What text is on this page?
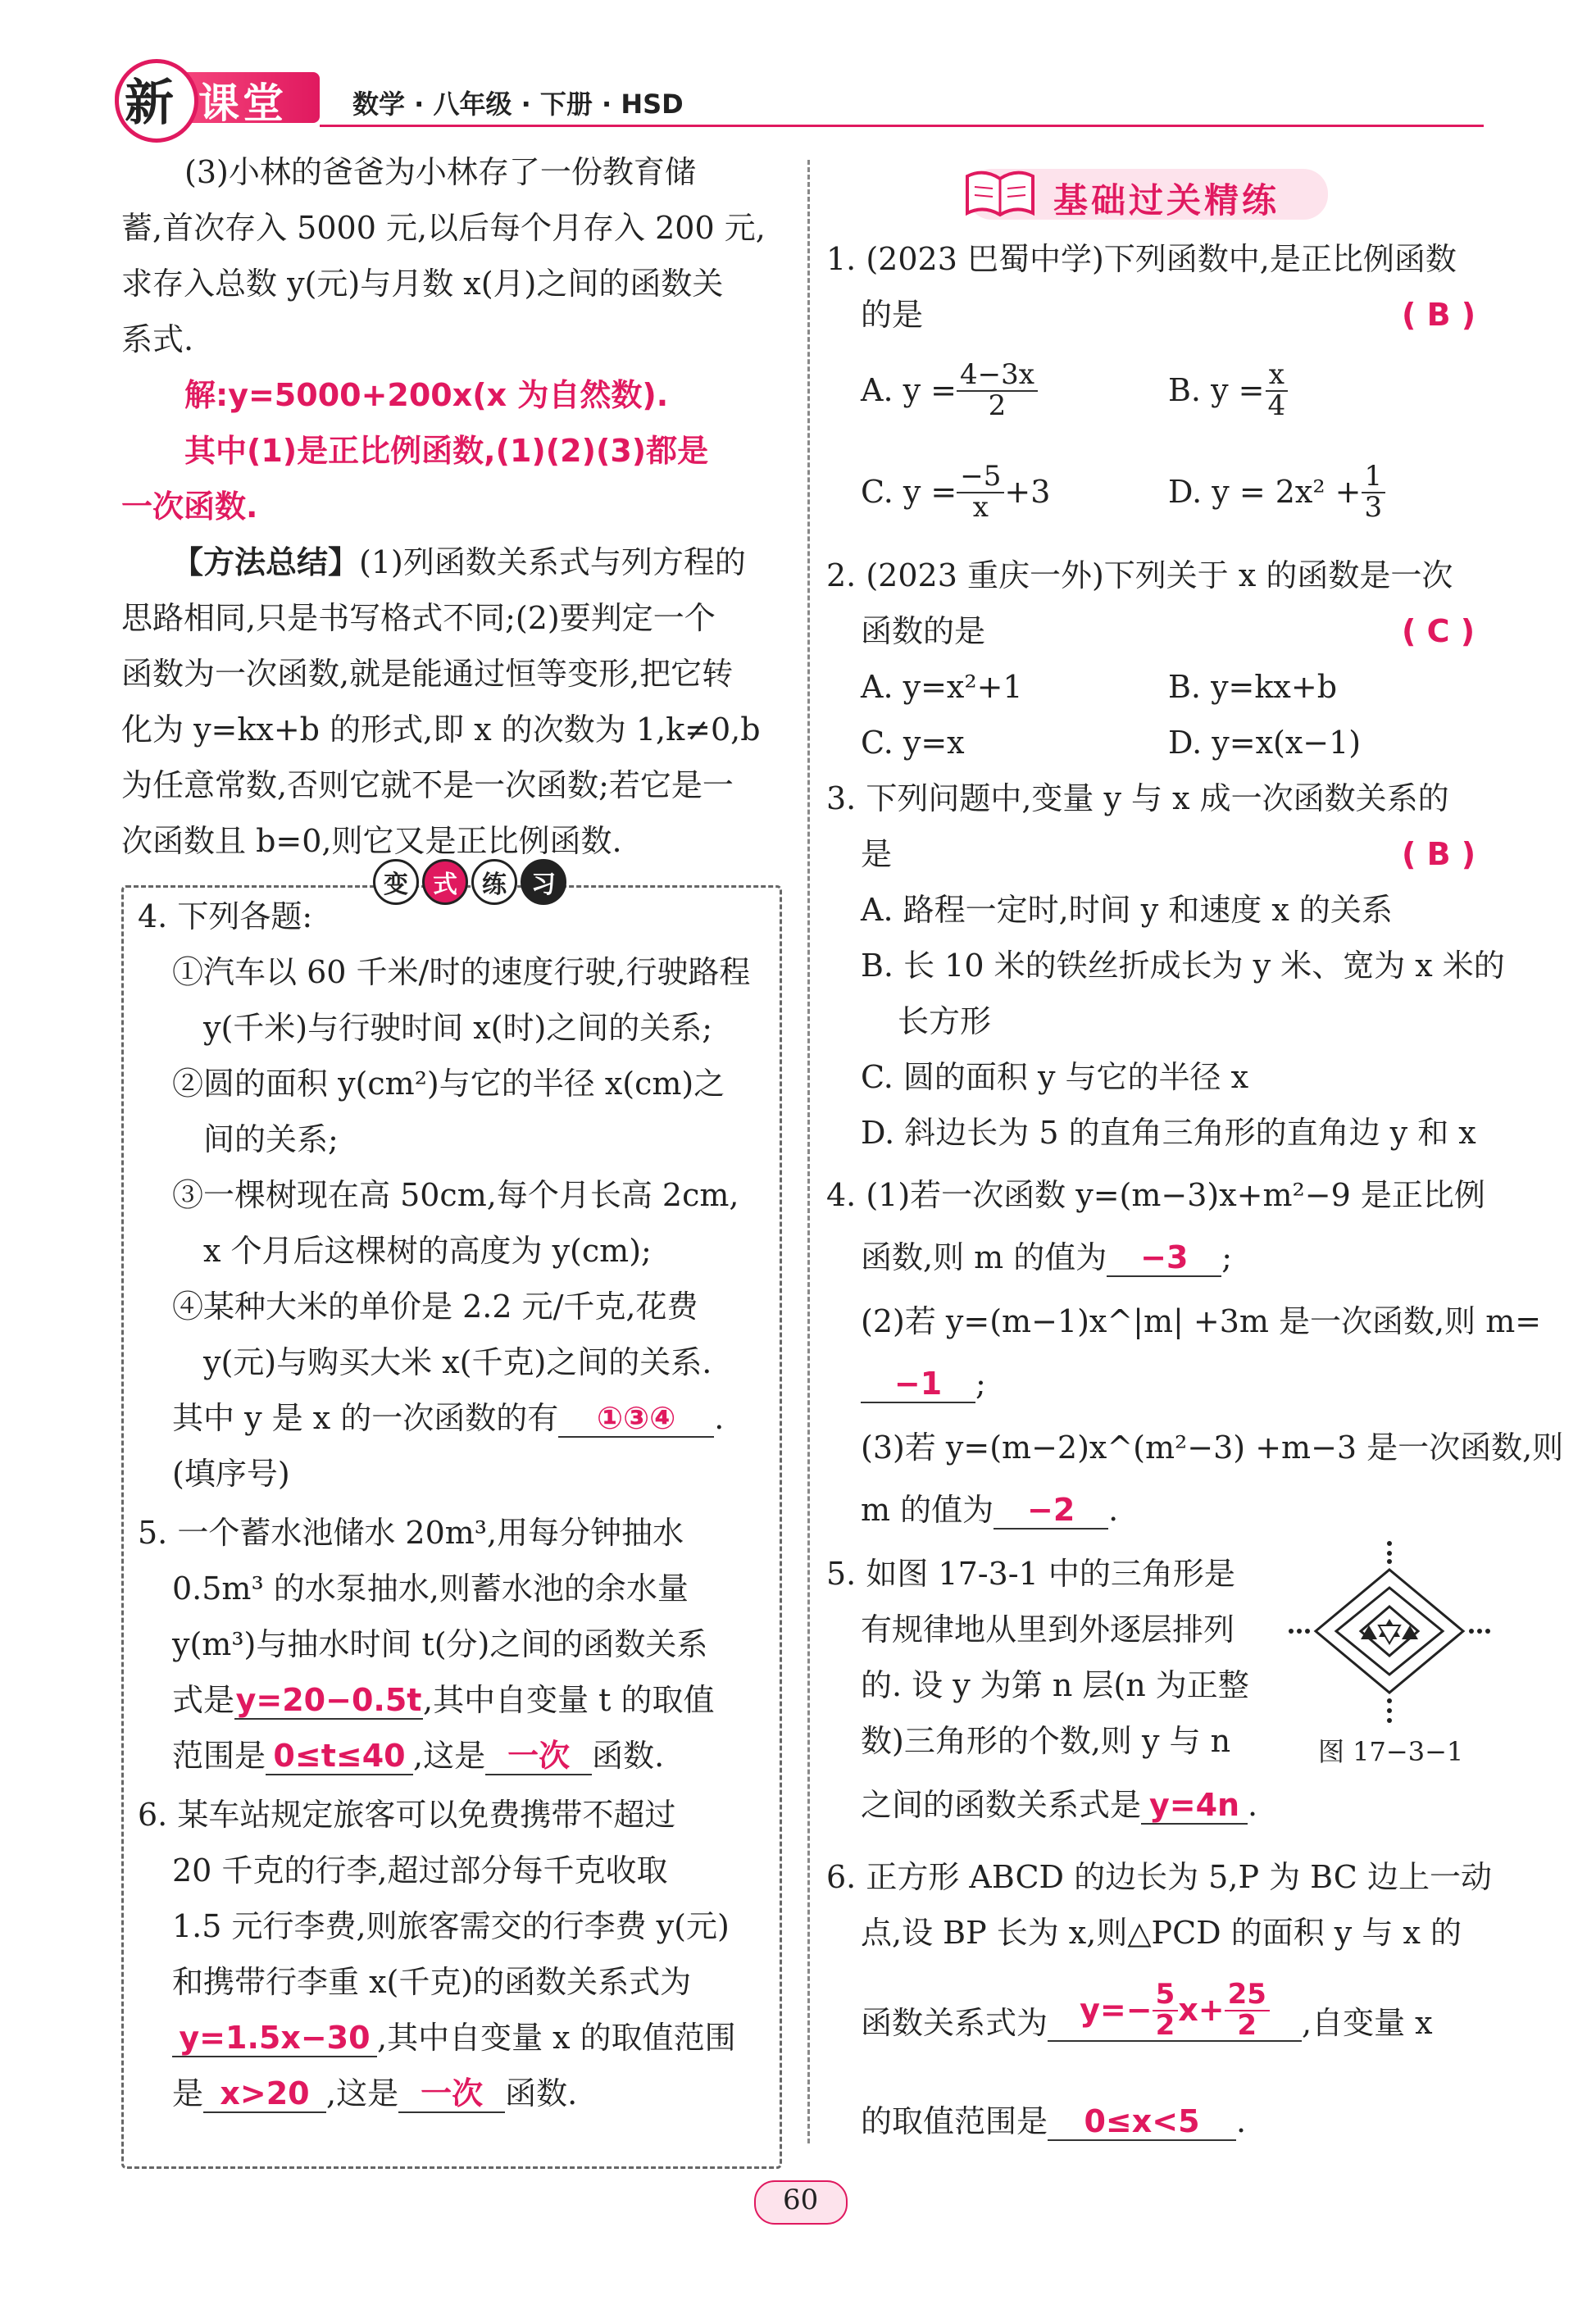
新 课堂	数学 · 八年级 · 下册 · HSD
(3)小林的爸爸为小林存了一份教育储
蓄,首次存入 5000 元,以后每个月存入 200 元,
求存入总数 y(元)与月数 x(月)之间的函数关
系式.
解:y=5000+200x(x 为自然数).
其中(1)是正比例函数,(1)(2)(3)都是
一次函数.
【方法总结】(1)列函数关系式与列方程的
思路相同,只是书写格式不同;(2)要判定一个
函数为一次函数,就是能通过恒等变形,把它转
化为 y=kx+b 的形式,即 x 的次数为 1,k≠0,b
为任意常数,否则它就不是一次函数;若它是一
次函数且 b=0,则它又是正比例函数.
变	式	练	习
4. 下列各题:
①汽车以 60 千米/时的速度行驶,行驶路程
y(千米)与行驶时间 x(时)之间的关系;
②圆的面积 y(cm²)与它的半径 x(cm)之
间的关系;
③一棵树现在高 50cm,每个月长高 2cm,
x 个月后这棵树的高度为 y(cm);
④某种大米的单价是 2.2 元/千克,花费
y(元)与购买大米 x(千克)之间的关系.
其中 y 是 x 的一次函数的有 ①③④ .
(填序号)
5. 一个蓄水池储水 20m³,用每分钟抽水
0.5m³ 的水泵抽水,则蓄水池的余水量
y(m³)与抽水时间 t(分)之间的函数关系
式是y=20−0.5t,其中自变量 t 的取值
范围是 0≤t≤40 ,这是 一次 函数.
6. 某车站规定旅客可以免费携带不超过
20 千克的行李,超过部分每千克收取
1.5 元行李费,则旅客需交的行李费 y(元)
和携带行李重 x(千克)的函数关系式为
y=1.5x−30 ,其中自变量 x 的取值范围
是 x>20 ,这是 一次 函数.
基础过关精练
1. (2023 巴蜀中学)下列函数中,是正比例函数
的是	( B )
A. $y = \frac{4-3x}{2}$	B. $y = \frac{x}{4}$
C. $y = \frac{-5}{x} +3$	D. $y = 2x^2 + \frac{1}{3}$
2. (2023 重庆一外)下列关于 x 的函数是一次
函数的是	( C )
A. y=x²+1	B. y=kx+b
C. y=x	D. y=x(x−1)
3. 下列问题中,变量 y 与 x 成一次函数关系的
是	( B )
A. 路程一定时,时间 y 和速度 x 的关系
B. 长 10 米的铁丝折成长为 y 米、宽为 x 米的
长方形
C. 圆的面积 y 与它的半径 x
D. 斜边长为 5 的直角三角形的直角边 y 和 x
4. (1)若一次函数 y=(m−3)x+m²−9 是正比例
函数,则 m 的值为 −3 ;
(2)若 y=(m−1)x^|m| +3m 是一次函数,则 m=
−1 ;
(3)若 y=(m−2)x^(m²−3) +m−3 是一次函数,则
m 的值为 −2 .
5. 如图 17-3-1 中的三角形是
有规律地从里到外逐层排列
的. 设 y 为第 n 层(n 为正整
数)三角形的个数,则 y 与 n
之间的函数关系式是 y=4n .
图 17−3−1
6. 正方形 ABCD 的边长为 5,P 为 BC 边上一动
点,设 BP 长为 x,则△PCD 的面积 y 与 x 的
函数关系式为 $y=- \frac{5}{2} x+ \frac{25}{2}$ ,自变量 x
的取值范围是 0≤x<5 .
60
